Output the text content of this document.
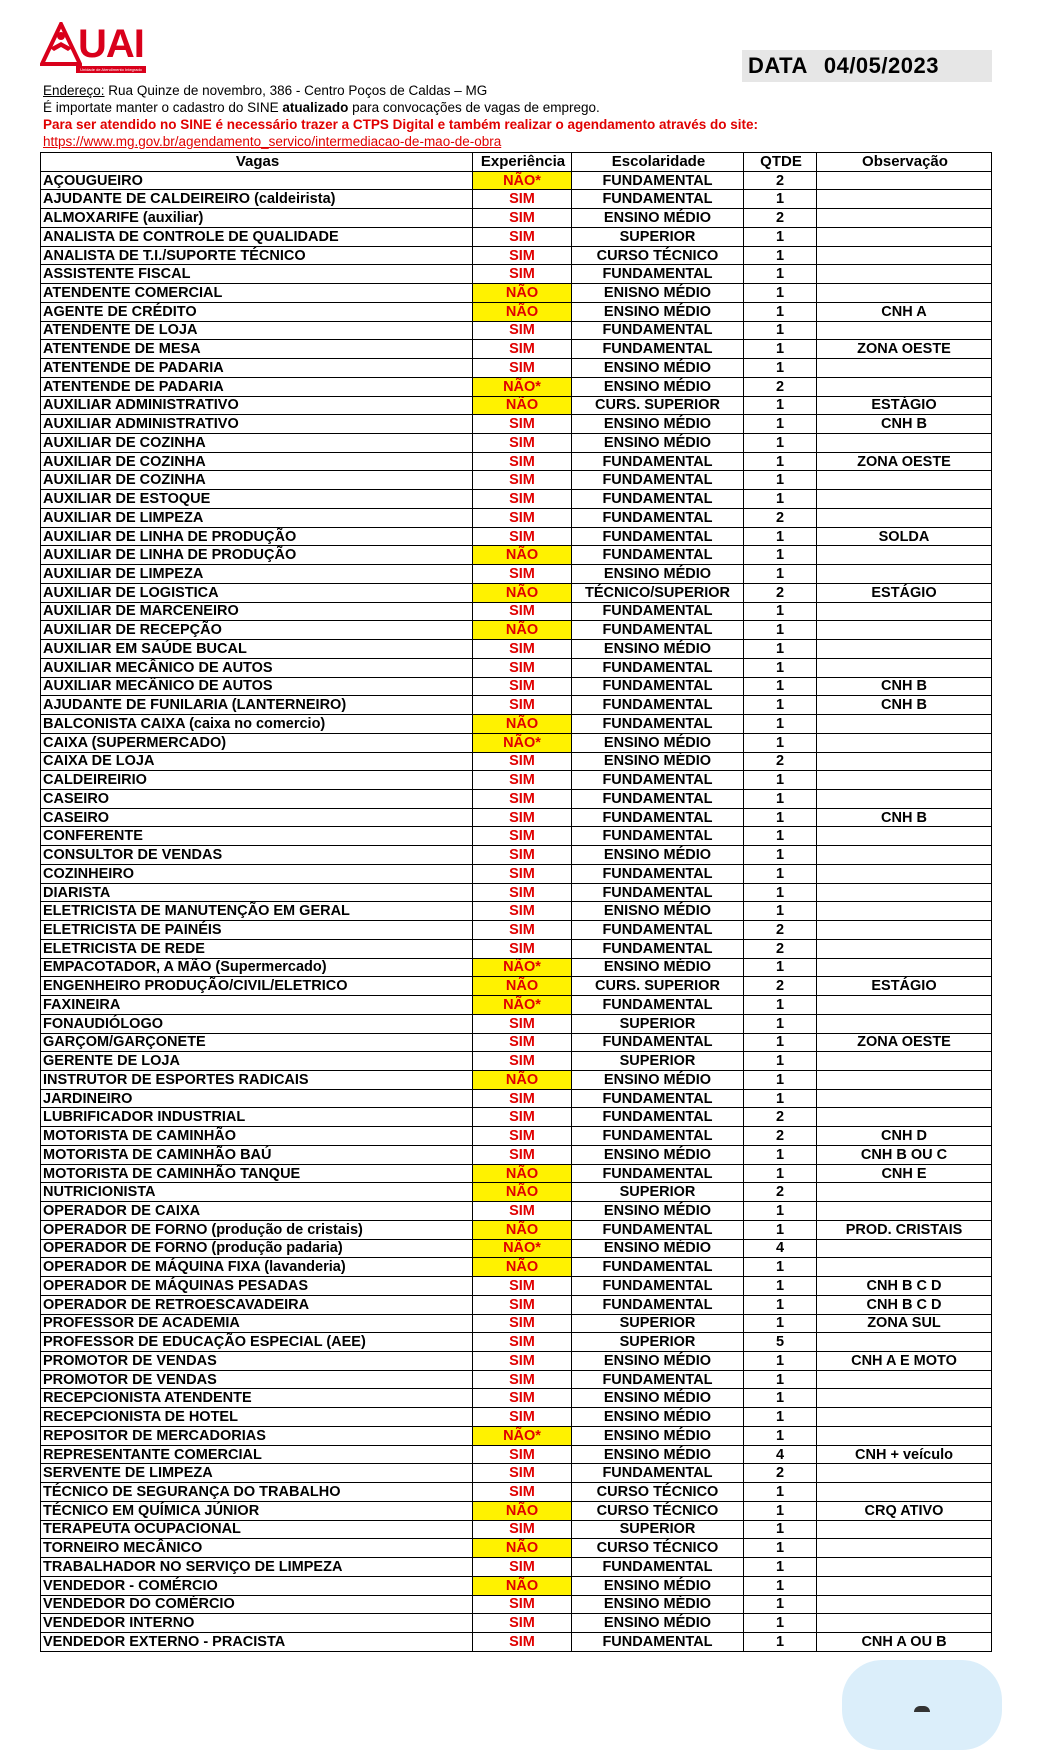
UAI
Unidade de Atendimento Integrado	DATA 04/05/2023
Endereço: Rua Quinze de novembro, 386 - Centro Poços de Caldas – MG
É importate manter o cadastro do SINE atualizado para convocações de vagas de emprego.
Para ser atendido no SINE é necessário trazer a CTPS Digital e também realizar o agendamento através do site:
https://www.mg.gov.br/agendamento_servico/intermediacao-de-mao-de-obra
Vagas	Experiência	Escolaridade	QTDE	Observação
AÇOUGUEIRO	NÃO*	FUNDAMENTAL	2	
AJUDANTE DE CALDEIREIRO (caldeirista)	SIM	FUNDAMENTAL	1	
ALMOXARIFE (auxiliar)	SIM	ENSINO MÉDIO	2	
ANALISTA DE CONTROLE DE QUALIDADE	SIM	SUPERIOR	1	
ANALISTA DE T.I./SUPORTE TÉCNICO	SIM	CURSO TÉCNICO	1	
ASSISTENTE FISCAL	SIM	FUNDAMENTAL	1	
ATENDENTE COMERCIAL	NÃO	ENISNO MÉDIO	1	
AGENTE DE CRÉDITO	NÃO	ENSINO MÉDIO	1	CNH A
ATENDENTE DE LOJA	SIM	FUNDAMENTAL	1	
ATENTENDE DE MESA	SIM	FUNDAMENTAL	1	ZONA OESTE
ATENTENDE DE PADARIA	SIM	ENSINO MÉDIO	1	
ATENTENDE DE PADARIA	NÃO*	ENSINO MÉDIO	2	
AUXILIAR ADMINISTRATIVO	NÃO	CURS. SUPERIOR	1	ESTÁGIO
AUXILIAR ADMINISTRATIVO	SIM	ENSINO MÉDIO	1	CNH B
AUXILIAR DE COZINHA	SIM	ENSINO MÉDIO	1	
AUXILIAR DE COZINHA	SIM	FUNDAMENTAL	1	ZONA OESTE
AUXILIAR DE COZINHA	SIM	FUNDAMENTAL	1	
AUXILIAR DE ESTOQUE	SIM	FUNDAMENTAL	1	
AUXILIAR DE LIMPEZA	SIM	FUNDAMENTAL	2	
AUXILIAR DE LINHA DE PRODUÇÃO	SIM	FUNDAMENTAL	1	SOLDA
AUXILIAR DE LINHA DE PRODUÇÃO	NÃO	FUNDAMENTAL	1	
AUXILIAR DE LIMPEZA	SIM	ENSINO MÉDIO	1	
AUXILIAR DE LOGISTICA	NÃO	TÉCNICO/SUPERIOR	2	ESTÁGIO
AUXILIAR DE MARCENEIRO	SIM	FUNDAMENTAL	1	
AUXILIAR DE RECEPÇÃO	NÃO	FUNDAMENTAL	1	
AUXILIAR EM SAÚDE BUCAL	SIM	ENSINO MÉDIO	1	
AUXILIAR MECÂNICO DE AUTOS	SIM	FUNDAMENTAL	1	
AUXILIAR MECÂNICO DE AUTOS	SIM	FUNDAMENTAL	1	CNH B
AJUDANTE DE FUNILARIA (LANTERNEIRO)	SIM	FUNDAMENTAL	1	CNH B
BALCONISTA CAIXA (caixa no comercio)	NÃO	FUNDAMENTAL	1	
CAIXA (SUPERMERCADO)	NÃO*	ENSINO MÉDIO	1	
CAIXA DE LOJA	SIM	ENSINO MÉDIO	2	
CALDEIREIRIO	SIM	FUNDAMENTAL	1	
CASEIRO	SIM	FUNDAMENTAL	1	
CASEIRO	SIM	FUNDAMENTAL	1	CNH B
CONFERENTE	SIM	FUNDAMENTAL	1	
CONSULTOR DE VENDAS	SIM	ENSINO MÉDIO	1	
COZINHEIRO	SIM	FUNDAMENTAL	1	
DIARISTA	SIM	FUNDAMENTAL	1	
ELETRICISTA DE MANUTENÇÃO EM GERAL	SIM	ENISNO MÉDIO	1	
ELETRICISTA DE PAINÉIS	SIM	FUNDAMENTAL	2	
ELETRICISTA DE REDE	SIM	FUNDAMENTAL	2	
EMPACOTADOR, A MÃO (Supermercado)	NÃO*	ENSINO MÉDIO	1	
ENGENHEIRO PRODUÇÃO/CIVIL/ELETRICO	NÃO	CURS. SUPERIOR	2	ESTÁGIO
FAXINEIRA	NÃO*	FUNDAMENTAL	1	
FONAUDIÓLOGO	SIM	SUPERIOR	1	
GARÇOM/GARÇONETE	SIM	FUNDAMENTAL	1	ZONA OESTE
GERENTE DE LOJA	SIM	SUPERIOR	1	
INSTRUTOR DE ESPORTES RADICAIS	NÃO	ENSINO MÉDIO	1	
JARDINEIRO	SIM	FUNDAMENTAL	1	
LUBRIFICADOR INDUSTRIAL	SIM	FUNDAMENTAL	2	
MOTORISTA DE CAMINHÃO	SIM	FUNDAMENTAL	2	CNH D
MOTORISTA DE CAMINHÃO BAÚ	SIM	ENSINO MÉDIO	1	CNH B OU C
MOTORISTA DE CAMINHÃO TANQUE	NÃO	FUNDAMENTAL	1	CNH E
NUTRICIONISTA	NÃO	SUPERIOR	2	
OPERADOR DE CAIXA	SIM	ENSINO MÉDIO	1	
OPERADOR DE FORNO (produção de cristais)	NÃO	FUNDAMENTAL	1	PROD. CRISTAIS
OPERADOR DE FORNO (produção padaria)	NÃO*	ENSINO MÉDIO	4	
OPERADOR DE MÁQUINA FIXA (lavanderia)	NÃO	FUNDAMENTAL	1	
OPERADOR DE MÁQUINAS PESADAS	SIM	FUNDAMENTAL	1	CNH B C D
OPERADOR DE RETROESCAVADEIRA	SIM	FUNDAMENTAL	1	CNH B C D
PROFESSOR DE ACADEMIA	SIM	SUPERIOR	1	ZONA SUL
PROFESSOR DE EDUCAÇÃO ESPECIAL (AEE)	SIM	SUPERIOR	5	
PROMOTOR DE VENDAS	SIM	ENSINO MÉDIO	1	CNH A E MOTO
PROMOTOR DE VENDAS	SIM	FUNDAMENTAL	1	
RECEPCIONISTA ATENDENTE	SIM	ENSINO MÉDIO	1	
RECEPCIONISTA DE HOTEL	SIM	ENSINO MÉDIO	1	
REPOSITOR DE MERCADORIAS	NÃO*	ENSINO MÉDIO	1	
REPRESENTANTE COMERCIAL	SIM	ENSINO MÉDIO	4	CNH + veículo
SERVENTE DE LIMPEZA	SIM	FUNDAMENTAL	2	
TÉCNICO DE SEGURANÇA DO TRABALHO	SIM	CURSO TÉCNICO	1	
TÉCNICO EM QUÍMICA JÚNIOR	NÃO	CURSO TÉCNICO	1	CRQ ATIVO
TERAPEUTA OCUPACIONAL	SIM	SUPERIOR	1	
TORNEIRO MECÂNICO	NÃO	CURSO TÉCNICO	1	
TRABALHADOR NO SERVIÇO DE LIMPEZA	SIM	FUNDAMENTAL	1	
VENDEDOR - COMÉRCIO	NÃO	ENSINO MÉDIO	1	
VENDEDOR DO COMÉRCIO	SIM	ENSINO MÉDIO	1	
VENDEDOR INTERNO	SIM	ENSINO MÉDIO	1	
VENDEDOR EXTERNO - PRACISTA	SIM	FUNDAMENTAL	1	CNH A OU B
